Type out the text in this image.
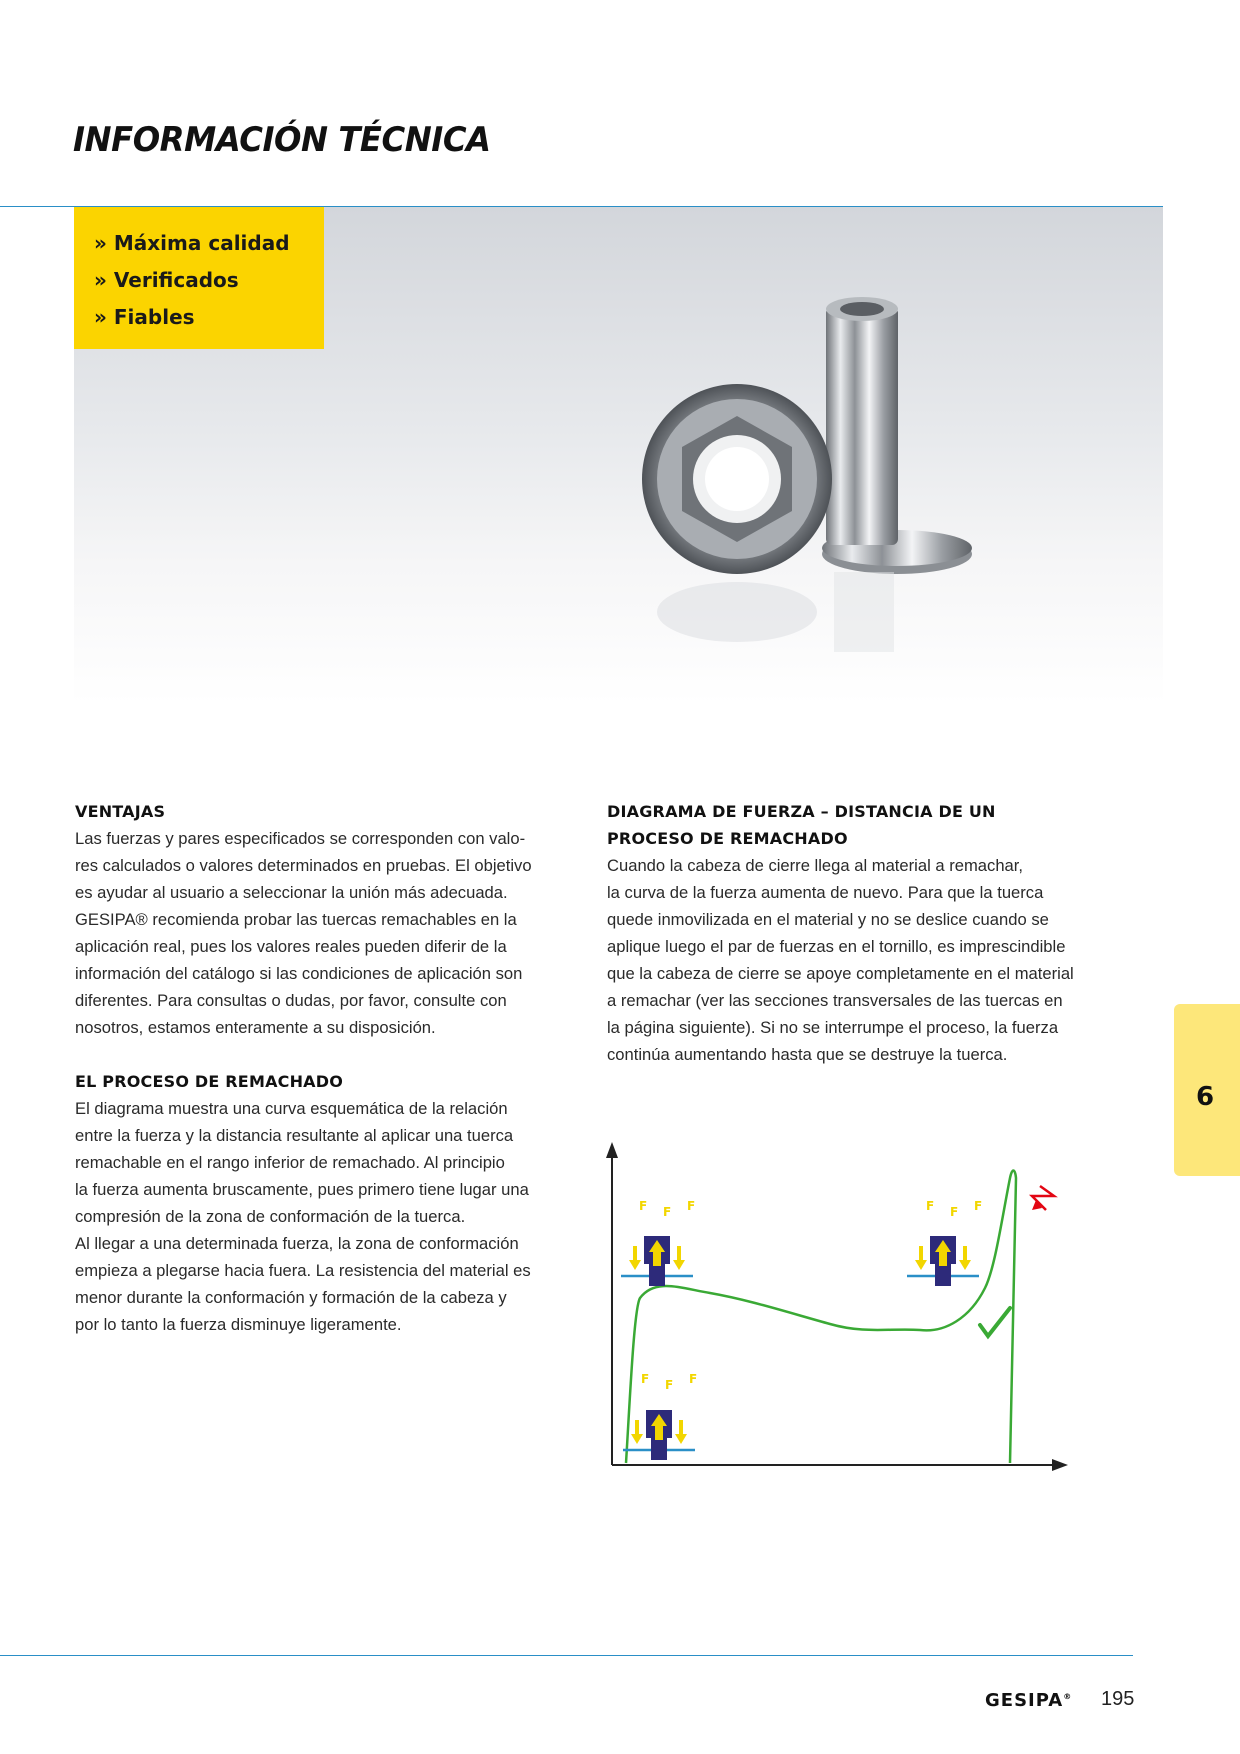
INFORMACIÓN TÉCNICA
» Máxima calidad
» Verificados
» Fiables
VENTAJAS

Las fuerzas y pares especificados se corresponden con valo-

res calculados o valores determinados en pruebas. El objetivo

es ayudar al usuario a seleccionar la unión más adecuada.

GESIPA® recomienda probar las tuercas remachables en la

aplicación real, pues los valores reales pueden diferir de la

información del catálogo si las condiciones de aplicación son

diferentes. Para consultas o dudas, por favor, consulte con

nosotros, estamos enteramente a su disposición.

EL PROCESO DE REMACHADO

El diagrama muestra una curva esquemática de la relación

entre la fuerza y la distancia resultante al aplicar una tuerca

remachable en el rango inferior de remachado. Al principio

la fuerza aumenta bruscamente, pues primero tiene lugar una

compresión de la zona de conformación de la tuerca.

Al llegar a una determinada fuerza, la zona de conformación

empieza a plegarse hacia fuera. La resistencia del material es

menor durante la conformación y formación de la cabeza y

por lo tanto la fuerza disminuye ligeramente.

DIAGRAMA DE FUERZA – DISTANCIA DE UN
PROCESO DE REMACHADO

Cuando la cabeza de cierre llega al material a remachar,

la curva de la fuerza aumenta de nuevo. Para que la tuerca

quede inmovilizada en el material y no se deslice cuando se

aplique luego el par de fuerzas en el tornillo, es imprescindible

que la cabeza de cierre se apoye completamente en el material

a remachar (ver las secciones transversales de las tuercas en

la página siguiente). Si no se interrumpe el proceso, la fuerza

continúa aumentando hasta que se destruye la tuerca.

F F F	F F F
F F F
6
GESIPA® 195
